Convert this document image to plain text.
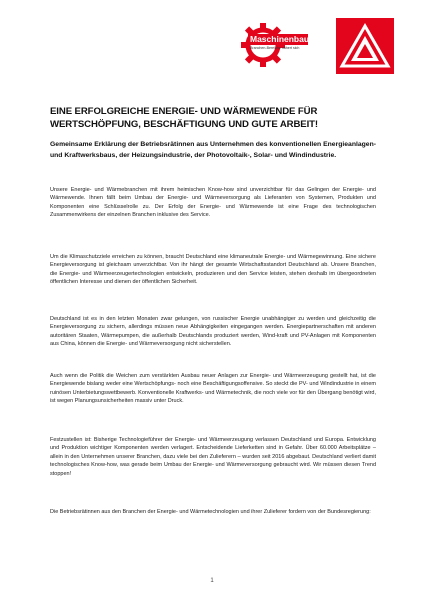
Maschinenbau
Branchen-Bereiche nähert sich
EINE ERFOLGREICHE ENERGIE- UND WÄRMEWENDE FÜR
WERTSCHÖPFUNG, BESCHÄFTIGUNG UND GUTE ARBEIT!

Gemeinsame Erklärung der Betriebsrätinnen aus Unternehmen des konventionellen Energieanlagen- und Kraftwerksbaus, der Heizungsindustrie, der Photovoltaik-, Solar- und Windindustrie.

Unsere Energie- und Wärmebranchen mit ihrem heimischen Know-how sind unverzichtbar für das Gelingen der Energie- und Wärmewende. Ihnen fällt beim Umbau der Energie- und Wärmeversorgung als Lieferanten von Systemen, Produkten und Komponenten eine Schlüsselrolle zu. Der Erfolg der Energie- und Wärmewende ist eine Frage des technologischen Zusammenwirkens der einzelnen Branchen inklusive des Service.

Um die Klimaschutzziele erreichen zu können, braucht Deutschland eine klimaneutrale Energie- und Wärmegewinnung. Eine sichere Energieversorgung ist gleichsam unverzichtbar. Von ihr hängt der gesamte Wirtschaftsstandort Deutschland ab. Unsere Branchen, die Energie- und Wärmeerzeugertechnologien entwickeln, produzieren und den Service leisten, stehen deshalb im übergeordneten öffentlichen Interesse und dienen der öffentlichen Sicherheit.

Deutschland ist es in den letzten Monaten zwar gelungen, von russischer Energie unabhängiger zu werden und gleichzeitig die Energieversorgung zu sichern, allerdings müssen neue Abhängigkeiten eingegangen werden. Energiepartnerschaften mit anderen autoritären Staaten, Wärmepumpen, die außerhalb Deutschlands produziert werden, Wind-kraft und PV-Anlagen mit Komponenten aus China, können die Energie- und Wärmeversorgung nicht sicherstellen.

Auch wenn die Politik die Weichen zum verstärkten Ausbau neuer Anlagen zur Energie- und Wärmeerzeugung gestellt hat, ist die Energiewende bislang weder eine Wertschöpfungs- noch eine Beschäftigungsoffensive. So steckt die PV- und Windindustrie in einem ruinösen Unterbietungswettbewerb. Konventionelle Kraftwerks- und Wärmetechnik, die noch viele vor für den Übergang benötigt wird, ist wegen Planungsunsicherheiten massiv unter Druck.

Festzustellen ist: Bisherige Technologieführer der Energie- und Wärmeerzeugung verlassen Deutschland und Europa. Entwicklung und Produktion wichtiger Komponenten werden verlagert. Entscheidende Lieferketten sind in Gefahr. Über 60.000 Arbeitsplätze – allein in den Unternehmen unserer Branchen, dazu viele bei den Zulieferern – wurden seit 2016 abgebaut. Deutschland verliert damit technologisches Know-how, was gerade beim Umbau der Energie- und Wärmeversorgung gebraucht wird. Wir müssen diesen Trend stoppen!

Die Betriebsrätinnen aus den Branchen der Energie- und Wärmetechnologien und ihrer Zulieferer fordern von der Bundesregierung:

1
